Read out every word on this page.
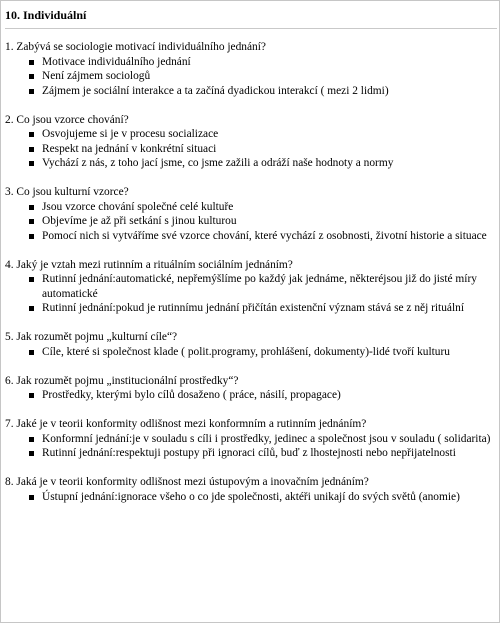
10. Individuální
1. Zabývá se sociologie motivací individuálního jednání?
Motivace individuálního jednání
Není zájmem sociologů
Zájmem je sociální interakce a ta začíná dyadickou interakcí ( mezi 2 lidmi)
2. Co jsou vzorce chování?
Osvojujeme si je v procesu socializace
Respekt na jednání v konkrétní situaci
Vychází z nás, z toho jací jsme, co jsme zažili a odráží naše hodnoty a normy
3. Co jsou kulturní vzorce?
Jsou vzorce chování společné celé kultuře
Objevíme je až při setkání s jinou kulturou
Pomocí nich si vytváříme své vzorce chování, které vychází z osobnosti, životní historie a situace
4. Jaký je vztah mezi rutinním a rituálním sociálním jednáním?
Rutinní jednání:automatické, nepřemýšlíme po každý jak jednáme, některéjsou již do jisté míry automatické
Rutinní jednání:pokud je rutinnímu jednání přičítán existenční význam stává se z něj rituální
5. Jak rozumět pojmu „kulturní cíle“?
Cíle, které si společnost klade ( polit.programy, prohlášení, dokumenty)-lidé tvoří kulturu
6. Jak rozumět pojmu „institucionální prostředky“?
Prostředky, kterými bylo cílů dosaženo ( práce, násilí, propagace)
7. Jaké je v teorii konformity odlišnost mezi konformním a rutinním jednáním?
Konformní jednání:je v souladu s cíli i prostředky, jedinec a společnost jsou v souladu ( solidarita)
Rutinní jednání:respektuji postupy při ignoraci cílů, buď z lhostejnosti nebo nepřijatelnosti
8. Jaká je v teorii konformity odlišnost mezi ústupovým a inovačním jednáním?
Ústupní jednání:ignorace všeho o co jde společnosti, aktéři unikají do svých světů (anomie)
